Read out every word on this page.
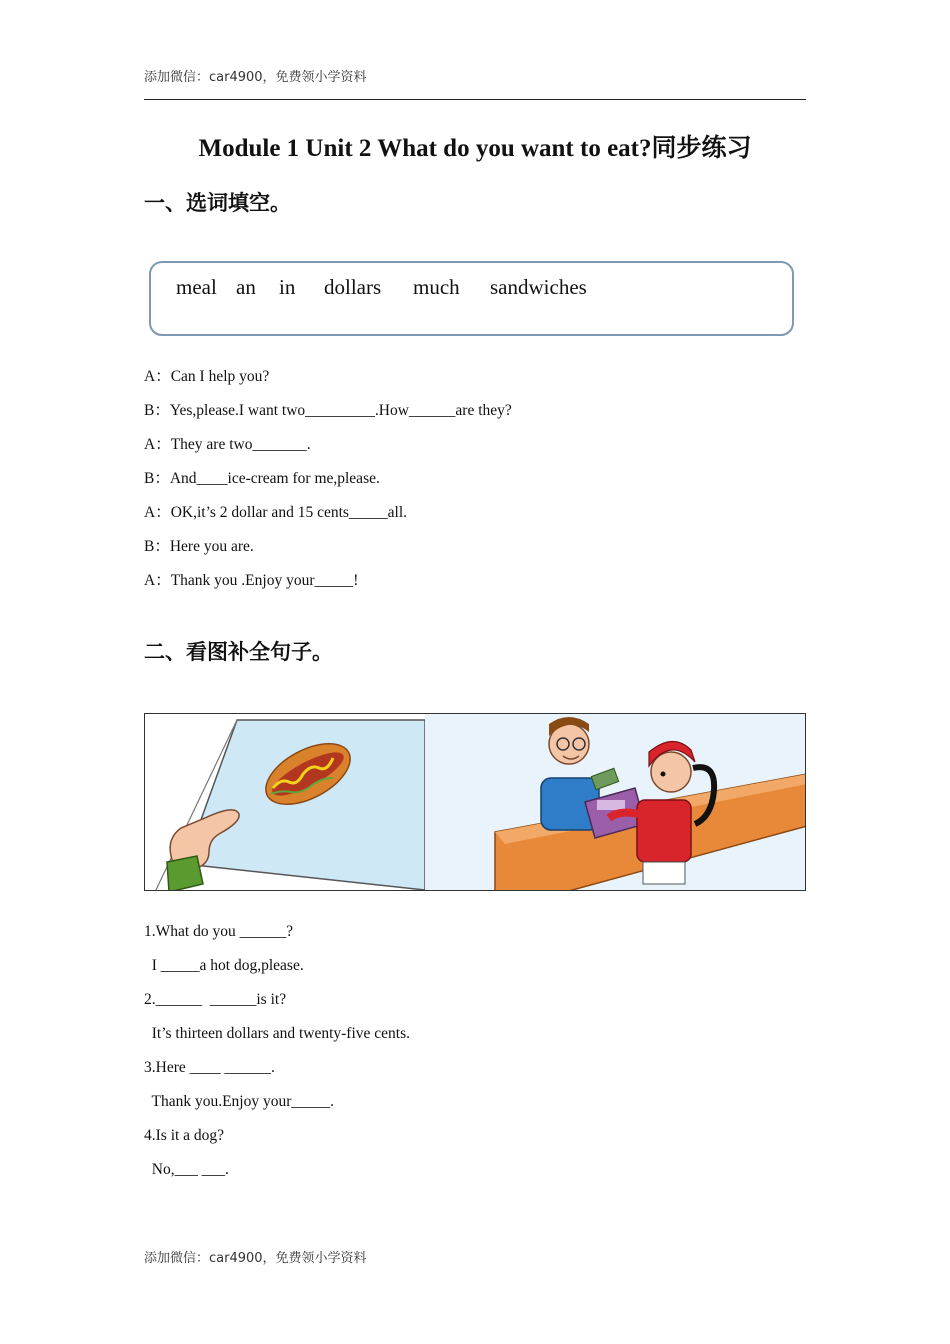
添加微信：car4900，免费领小学资料
Module 1 Unit 2 What do you want to eat?同步练习
一、选词填空。
meal an in dollars much sandwiches
A：Can I help you?
B：Yes,please.I want two_________.How______are they?
A：They are two_______.
B：And____ice-cream for me,please.
A：OK,it’s 2 dollar and 15 cents_____all.
B：Here you are.
A：Thank you .Enjoy your_____!
二、看图补全句子。
1.What do you ______?
I _____a hot dog,please.
2.______  ______is it?
It’s thirteen dollars and twenty-five cents.
3.Here ____ ______.
Thank you.Enjoy your_____.
4.Is it a dog?
No,___ ___.
添加微信：car4900，免费领小学资料
